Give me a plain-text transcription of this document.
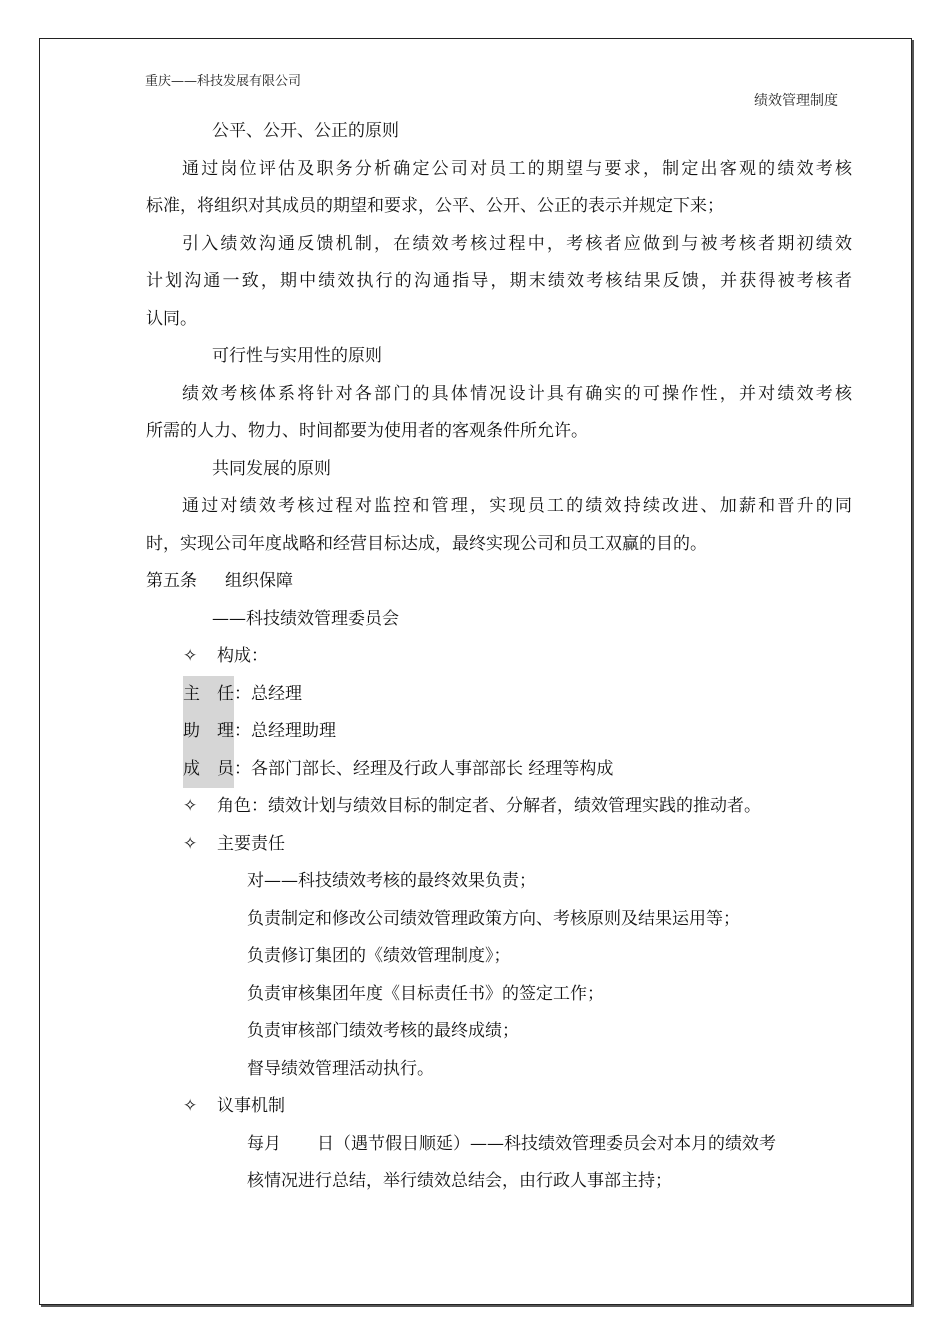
重庆——科技发展有限公司
绩效管理制度
公平、公开、公正的原则
通过岗位评估及职务分析确定公司对员工的期望与要求，制定出客观的绩效考核
标准，将组织对其成员的期望和要求，公平、公开、公正的表示并规定下来；
引入绩效沟通反馈机制，在绩效考核过程中，考核者应做到与被考核者期初绩效
计划沟通一致，期中绩效执行的沟通指导，期末绩效考核结果反馈，并获得被考核者
认同。
可行性与实用性的原则
绩效考核体系将针对各部门的具体情况设计具有确实的可操作性，并对绩效考核
所需的人力、物力、时间都要为使用者的客观条件所允许。
共同发展的原则
通过对绩效考核过程对监控和管理，实现员工的绩效持续改进、加薪和晋升的同
时，实现公司年度战略和经营目标达成，最终实现公司和员工双赢的目的。
第五条 组织保障
——科技绩效管理委员会
✧ 构成：
主　任：总经理
助　理：总经理助理
成　员：各部门部长、经理及行政人事部部长 经理等构成
✧ 角色：绩效计划与绩效目标的制定者、分解者，绩效管理实践的推动者。
✧ 主要责任
对——科技绩效考核的最终效果负责；
负责制定和修改公司绩效管理政策方向、考核原则及结果运用等；
负责修订集团的《绩效管理制度》；
负责审核集团年度《目标责任书》的签定工作；
负责审核部门绩效考核的最终成绩；
督导绩效管理活动执行。
✧ 议事机制
每月 日（遇节假日顺延）——科技绩效管理委员会对本月的绩效考
核情况进行总结，举行绩效总结会，由行政人事部主持；
